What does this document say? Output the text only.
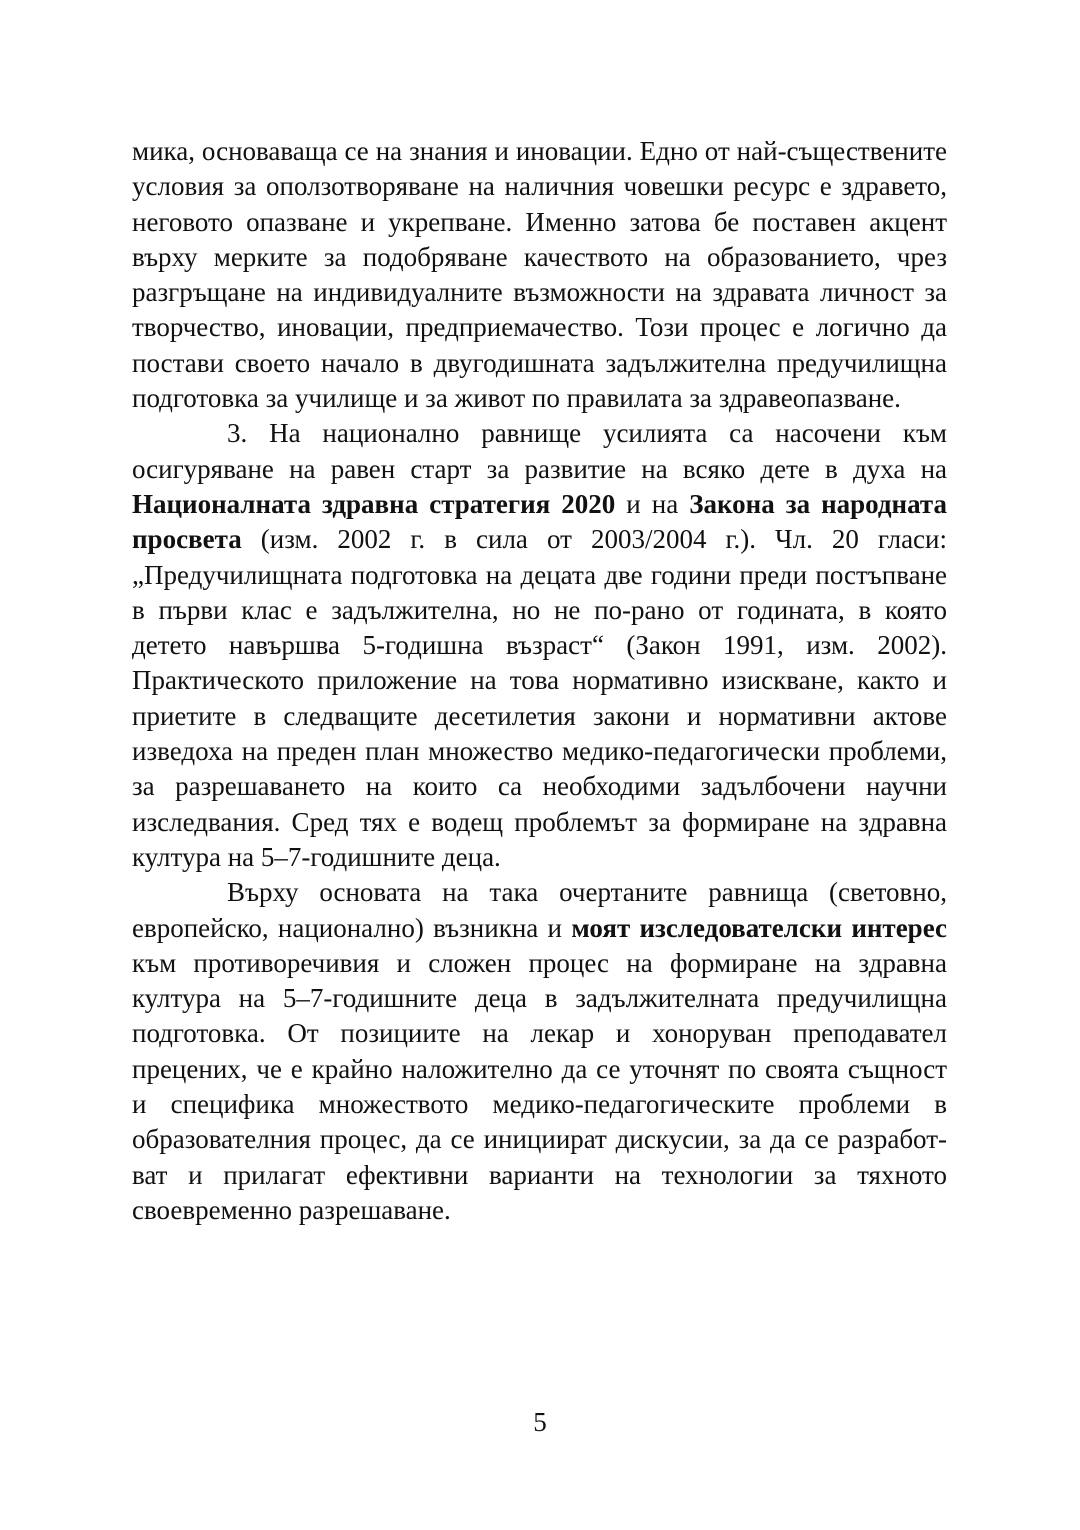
мика, основаваща се на знания и иновации. Едно от най-съществените условия за оползотворяване на наличния човешки ресурс е здравето, неговото опазване и укрепване. Именно затова бе поставен акцент върху мерките за подобряване качеството на образованието, чрез разгръщане на индивидуалните възможности на здравата личност за творчество, иновации, предприемачество. Този процес е логично да постави своето начало в двугодишната задължителна предучилищна подготовка за училище и за живот по правилата за здравеопазване.

3. На национално равнище усилията са насочени към осигуряване на равен старт за развитие на всяко дете в духа на Националната здравна стратегия 2020 и на Закона за народната просвета (изм. 2002 г. в сила от 2003/2004 г.). Чл. 20 гласи: „Предучилищната подготовка на децата две години преди постъпване в първи клас е задължителна, но не по-рано от годината, в която детето навършва 5-годишна възраст“ (Закон 1991, изм. 2002). Практическото приложение на това нормативно изискване, както и приетите в следващите десетилетия закони и нормативни актове изведоха на преден план множество медико-педагогически проблеми, за разрешаването на които са необходими задълбочени научни изследвания. Сред тях е водещ проблемът за формиране на здравна култура на 5–7-годишните деца.

Върху основата на така очертаните равнища (световно, европейско, национално) възникна и моят изследователски интерес към противоречивия и сложен процес на формиране на здравна култура на 5–7-годишните деца в задължителната предучилищна подготовка. От позициите на лекар и хоноруван преподавател прецених, че е крайно наложително да се уточнят по своята същност и специфика множеството медико-педагогическите проблеми в образователния процес, да се инициират дискусии, за да се разработват и прилагат ефективни варианти на технологии за тяхното своевременно разрешаване.

5
